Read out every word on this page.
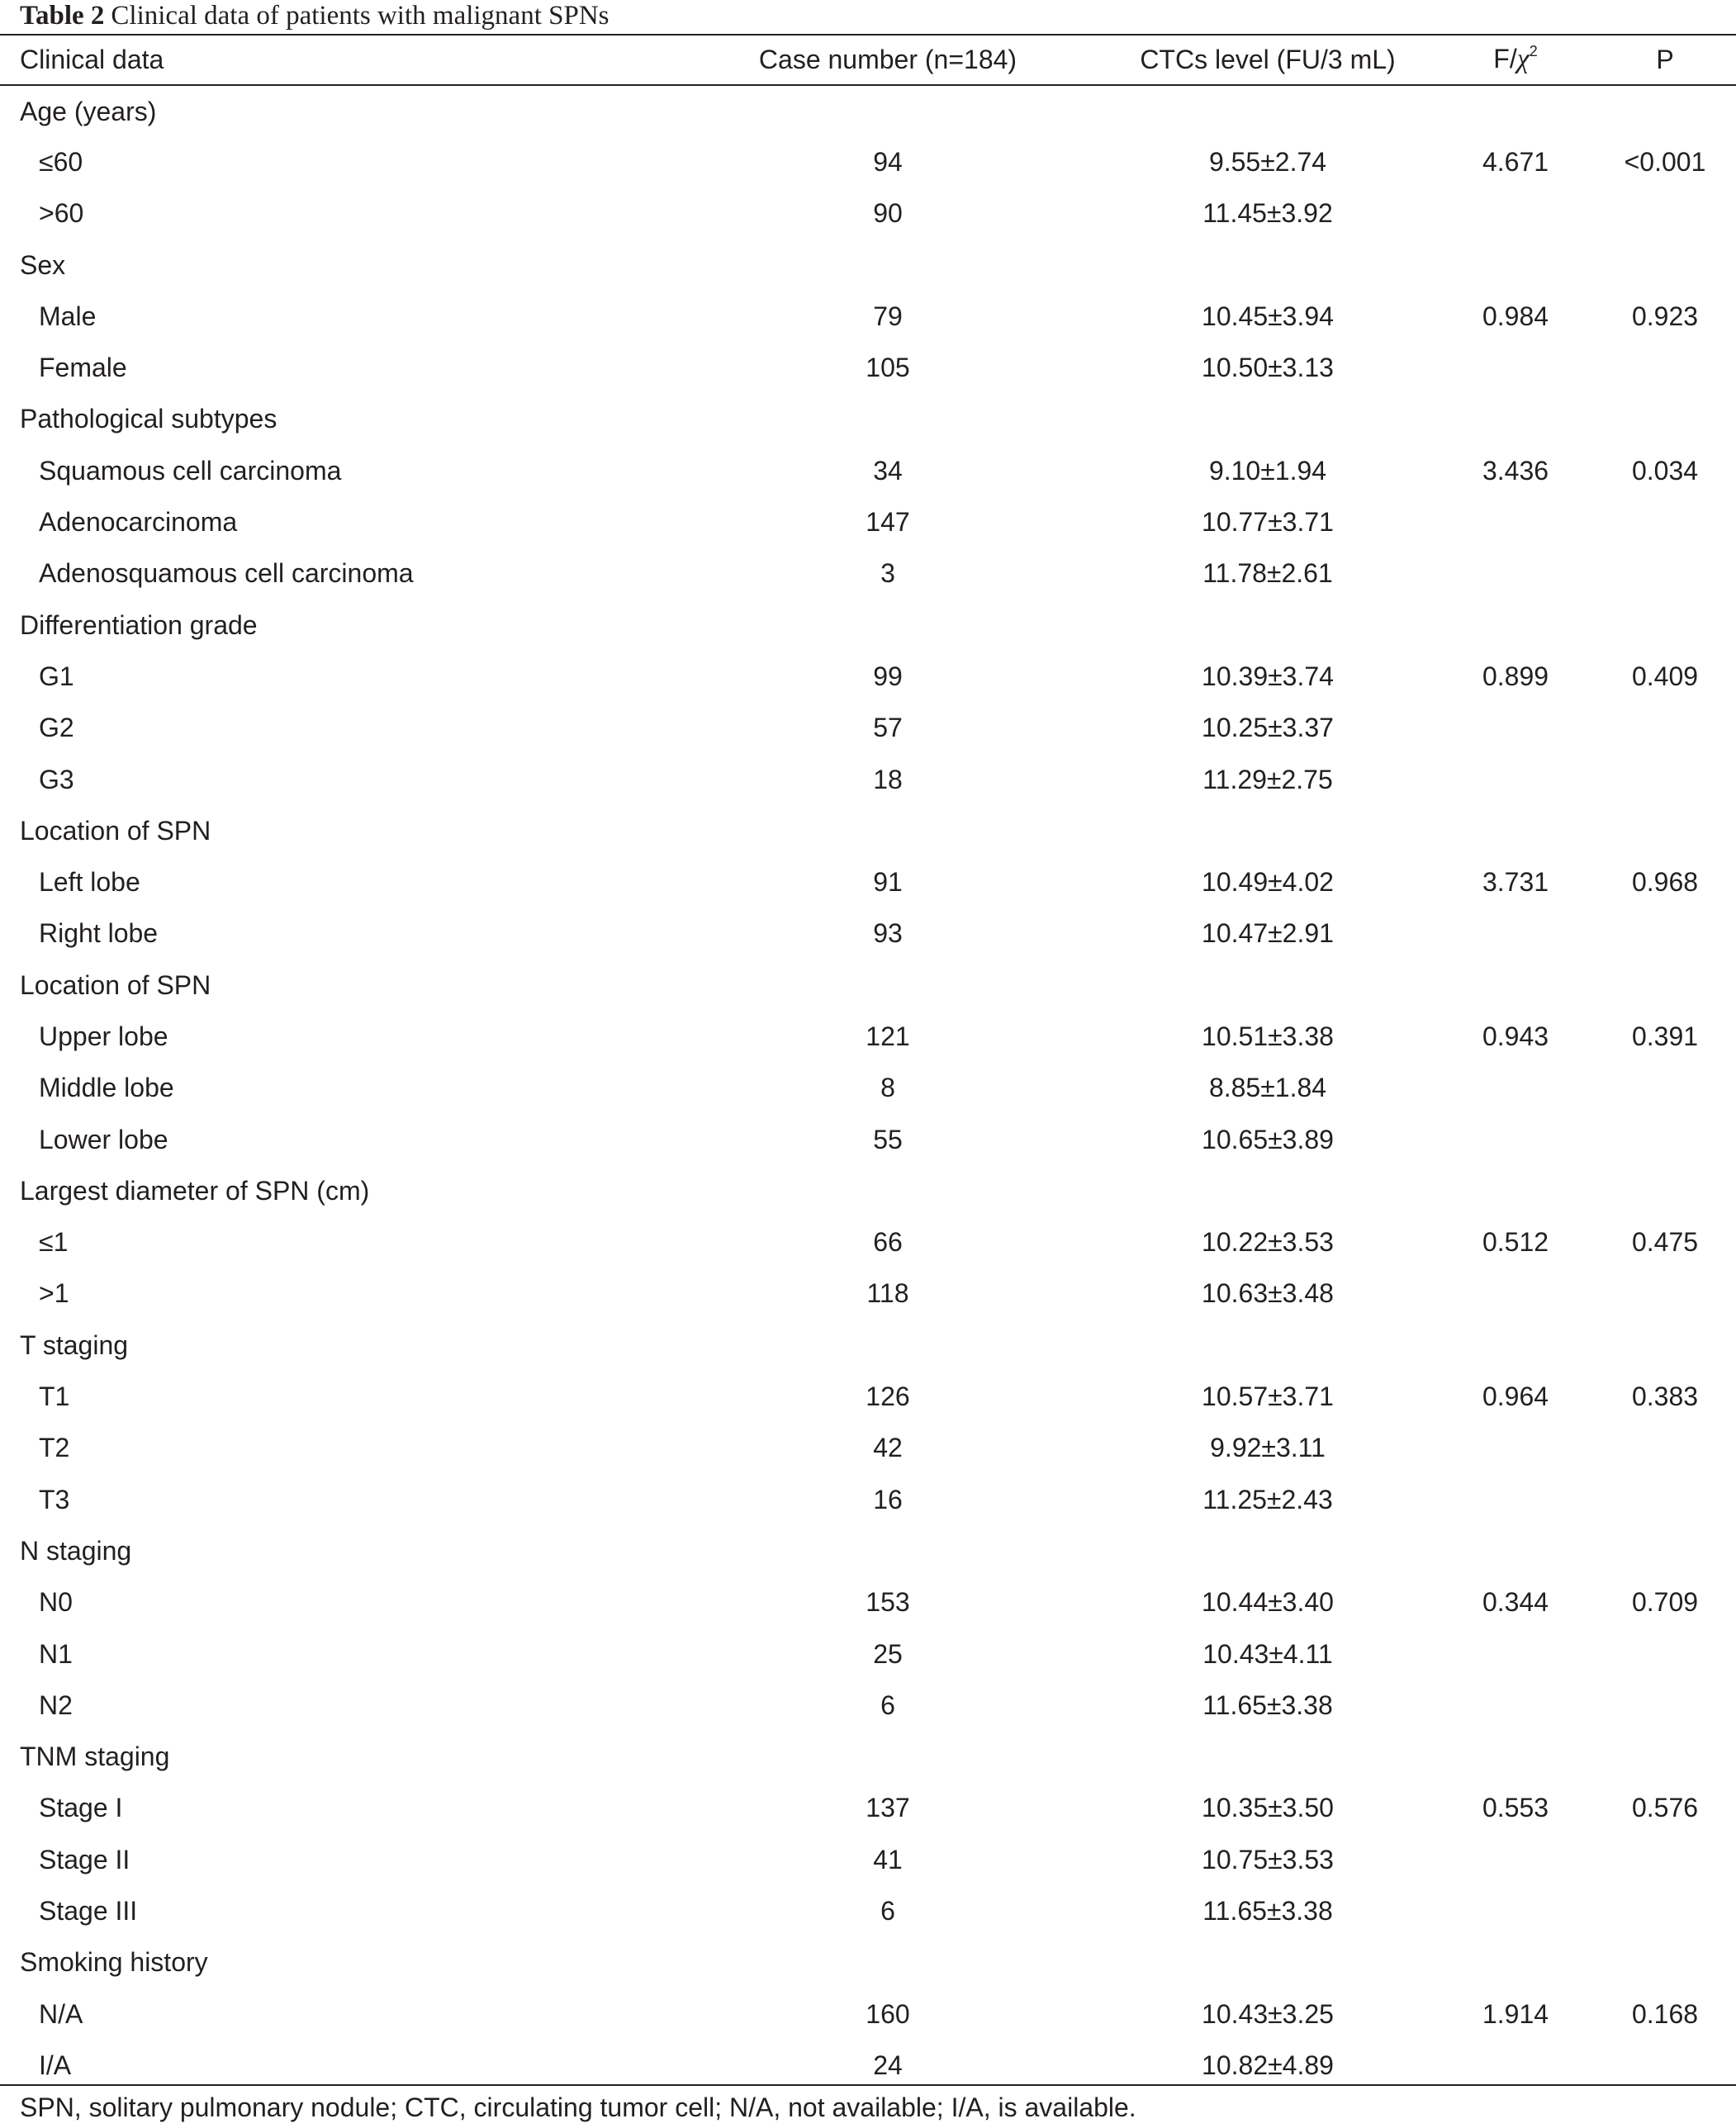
Table 2 Clinical data of patients with malignant SPNs
Clinical data	Case number (n=184)	CTCs level (FU/3 mL)	$F/\chi^2$	P
Age (years)				
≤60	94	9.55±2.74	4.671	<0.001
>60	90	11.45±3.92		
Sex				
Male	79	10.45±3.94	0.984	0.923
Female	105	10.50±3.13		
Pathological subtypes				
Squamous cell carcinoma	34	9.10±1.94	3.436	0.034
Adenocarcinoma	147	10.77±3.71		
Adenosquamous cell carcinoma	3	11.78±2.61		
Differentiation grade				
G1	99	10.39±3.74	0.899	0.409
G2	57	10.25±3.37		
G3	18	11.29±2.75		
Location of SPN				
Left lobe	91	10.49±4.02	3.731	0.968
Right lobe	93	10.47±2.91		
Location of SPN				
Upper lobe	121	10.51±3.38	0.943	0.391
Middle lobe	8	8.85±1.84		
Lower lobe	55	10.65±3.89		
Largest diameter of SPN (cm)				
≤1	66	10.22±3.53	0.512	0.475
>1	118	10.63±3.48		
T staging				
T1	126	10.57±3.71	0.964	0.383
T2	42	9.92±3.11		
T3	16	11.25±2.43		
N staging				
N0	153	10.44±3.40	0.344	0.709
N1	25	10.43±4.11		
N2	6	11.65±3.38		
TNM staging				
Stage I	137	10.35±3.50	0.553	0.576
Stage II	41	10.75±3.53		
Stage III	6	11.65±3.38		
Smoking history				
N/A	160	10.43±3.25	1.914	0.168
I/A	24	10.82±4.89		
SPN, solitary pulmonary nodule; CTC, circulating tumor cell; N/A, not available; I/A, is available.
